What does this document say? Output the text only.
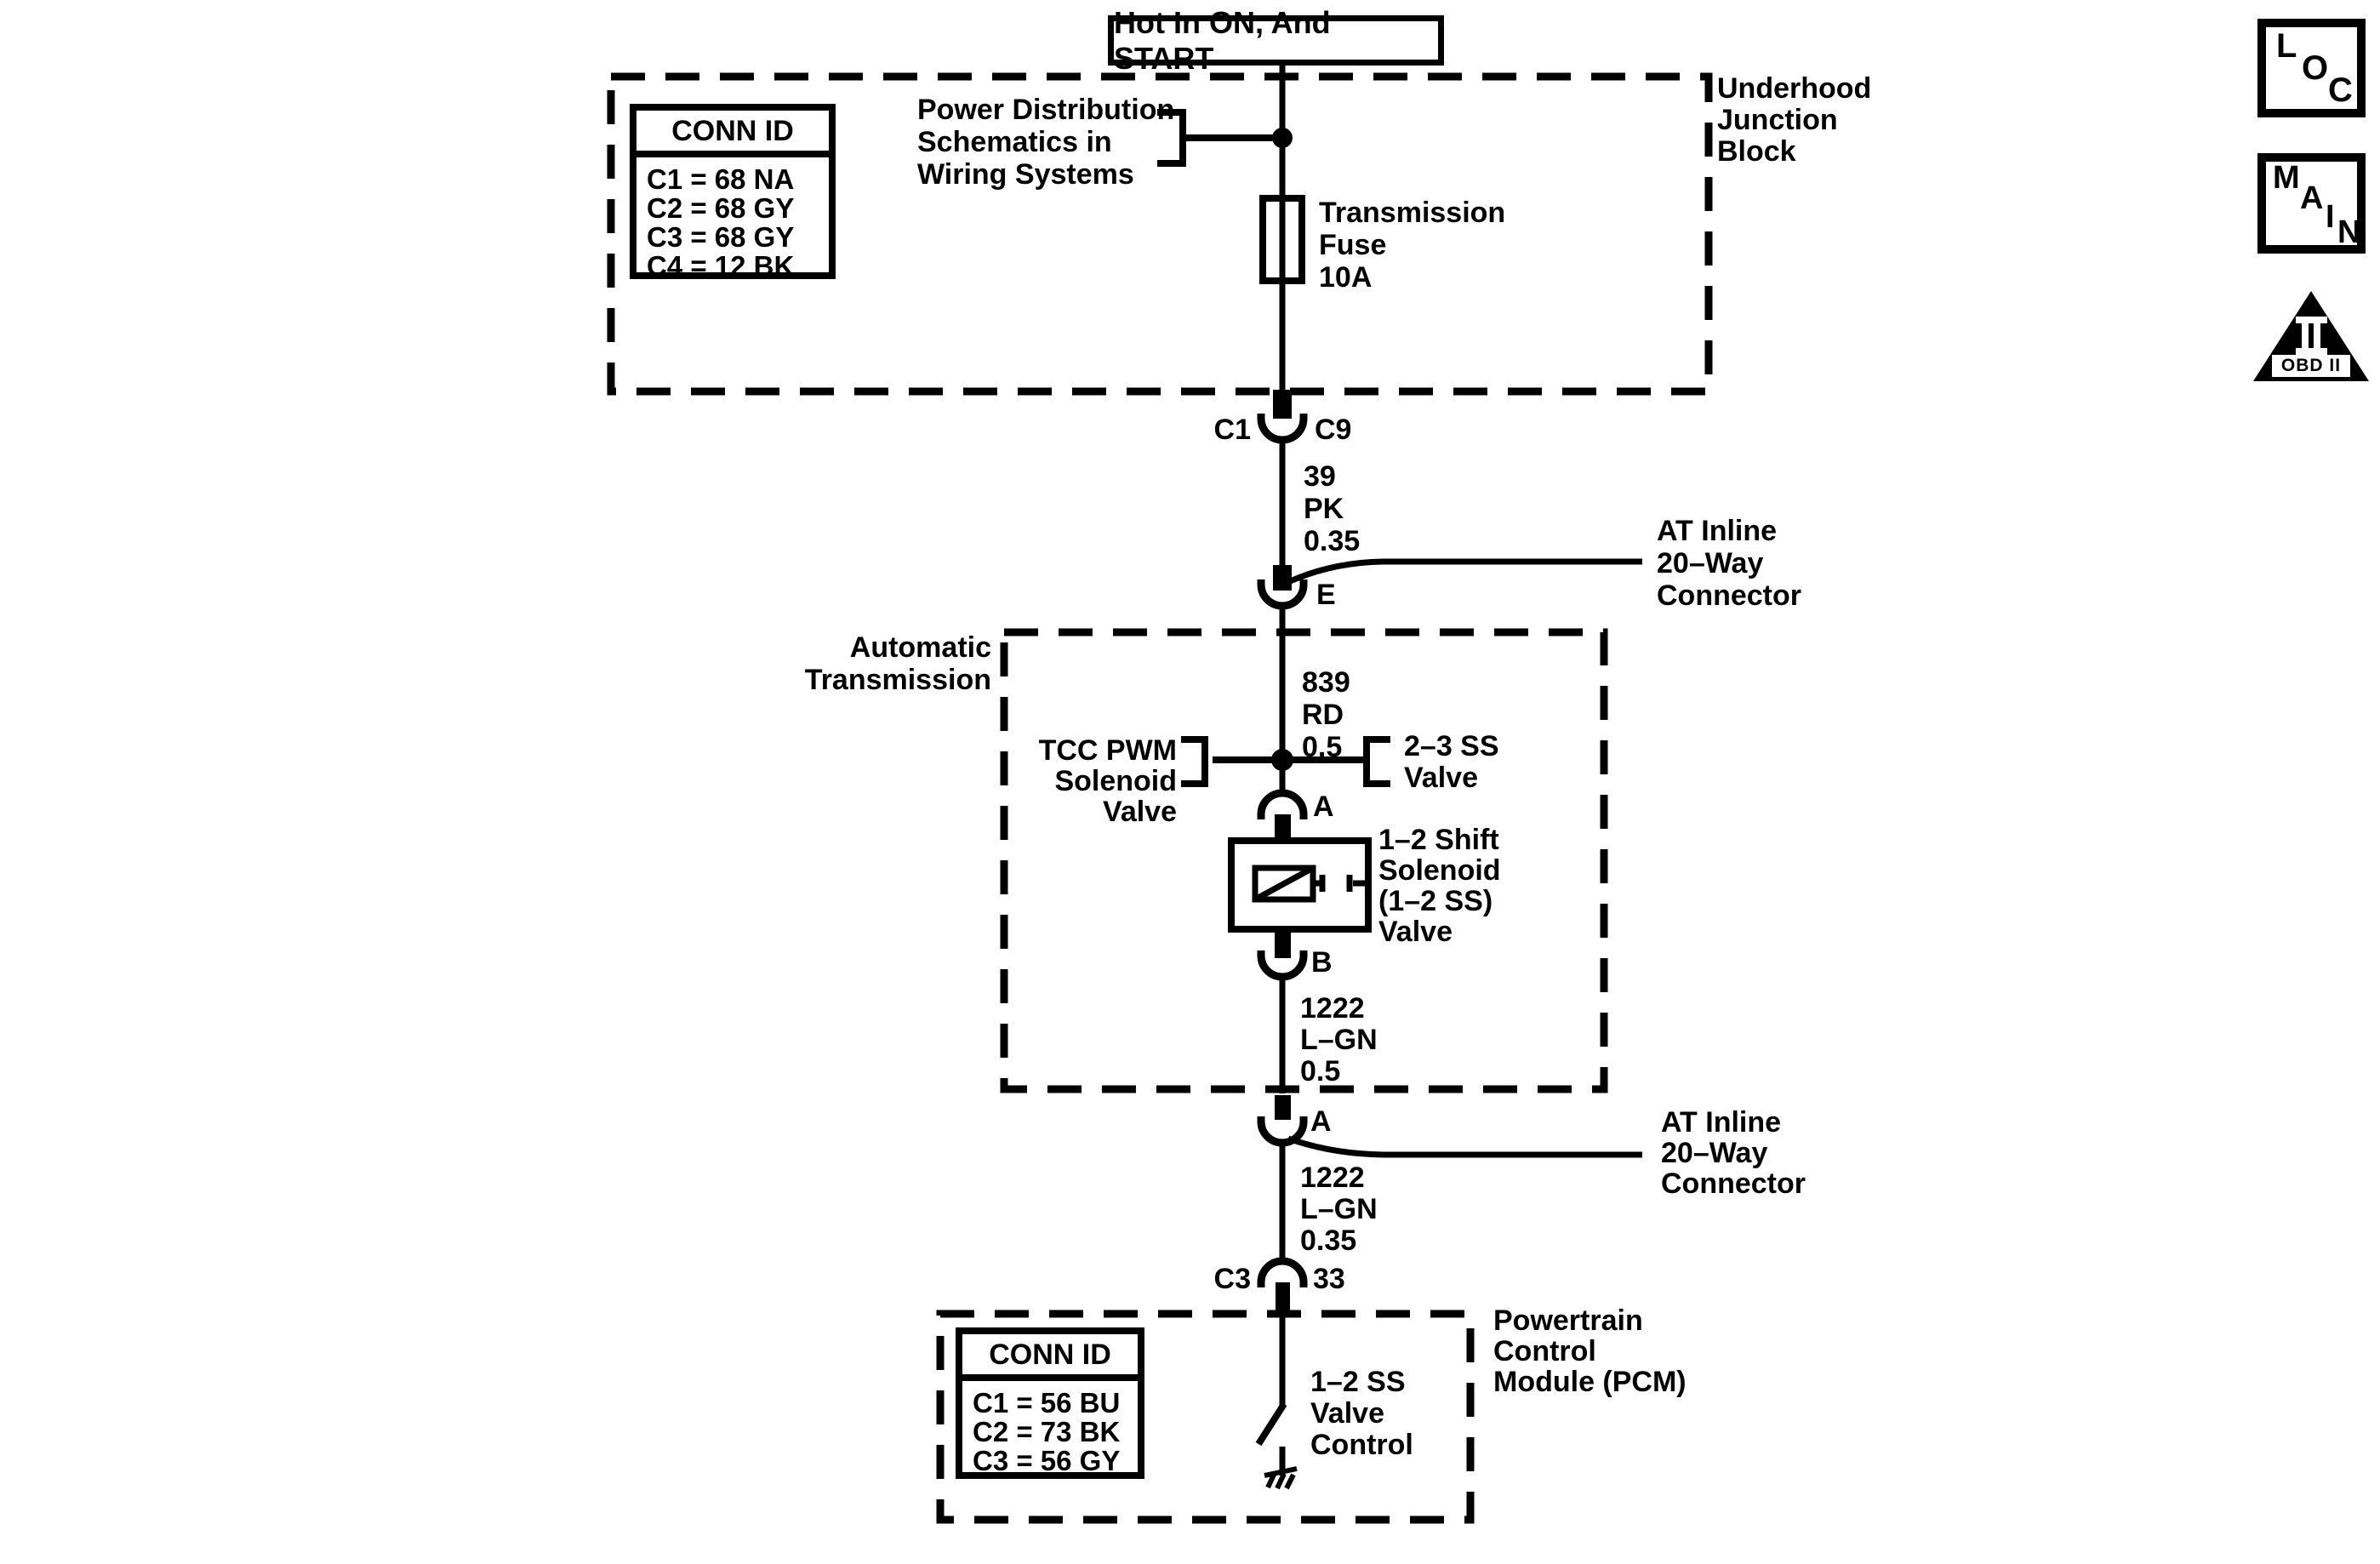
Hot In ON, And START
Underhood
Junction
Block
CONN ID
C1 = 68 NA
C2 = 68 GY
C3 = 68 GY
C4 = 12 BK
Power Distribution
Schematics in
Wiring Systems
Transmission
Fuse
10A
C1 C9
E
A
B
A
C3 33
39
PK
0.35
839
RD
0.5
1222
L–GN
0.5
1222
L–GN
0.35
AT Inline
20–Way
Connector
AT Inline
20–Way
Connector
Automatic
Transmission
TCC PWM
Solenoid
Valve
2–3 SS
Valve
1–2 Shift
Solenoid
(1–2 SS)
Valve
Powertrain
Control
Module (PCM)
CONN ID
C1 = 56 BU
C2 = 73 BK
C3 = 56 GY
1–2 SS
Valve
Control
L
O
C
M
A
I N
OBD II
